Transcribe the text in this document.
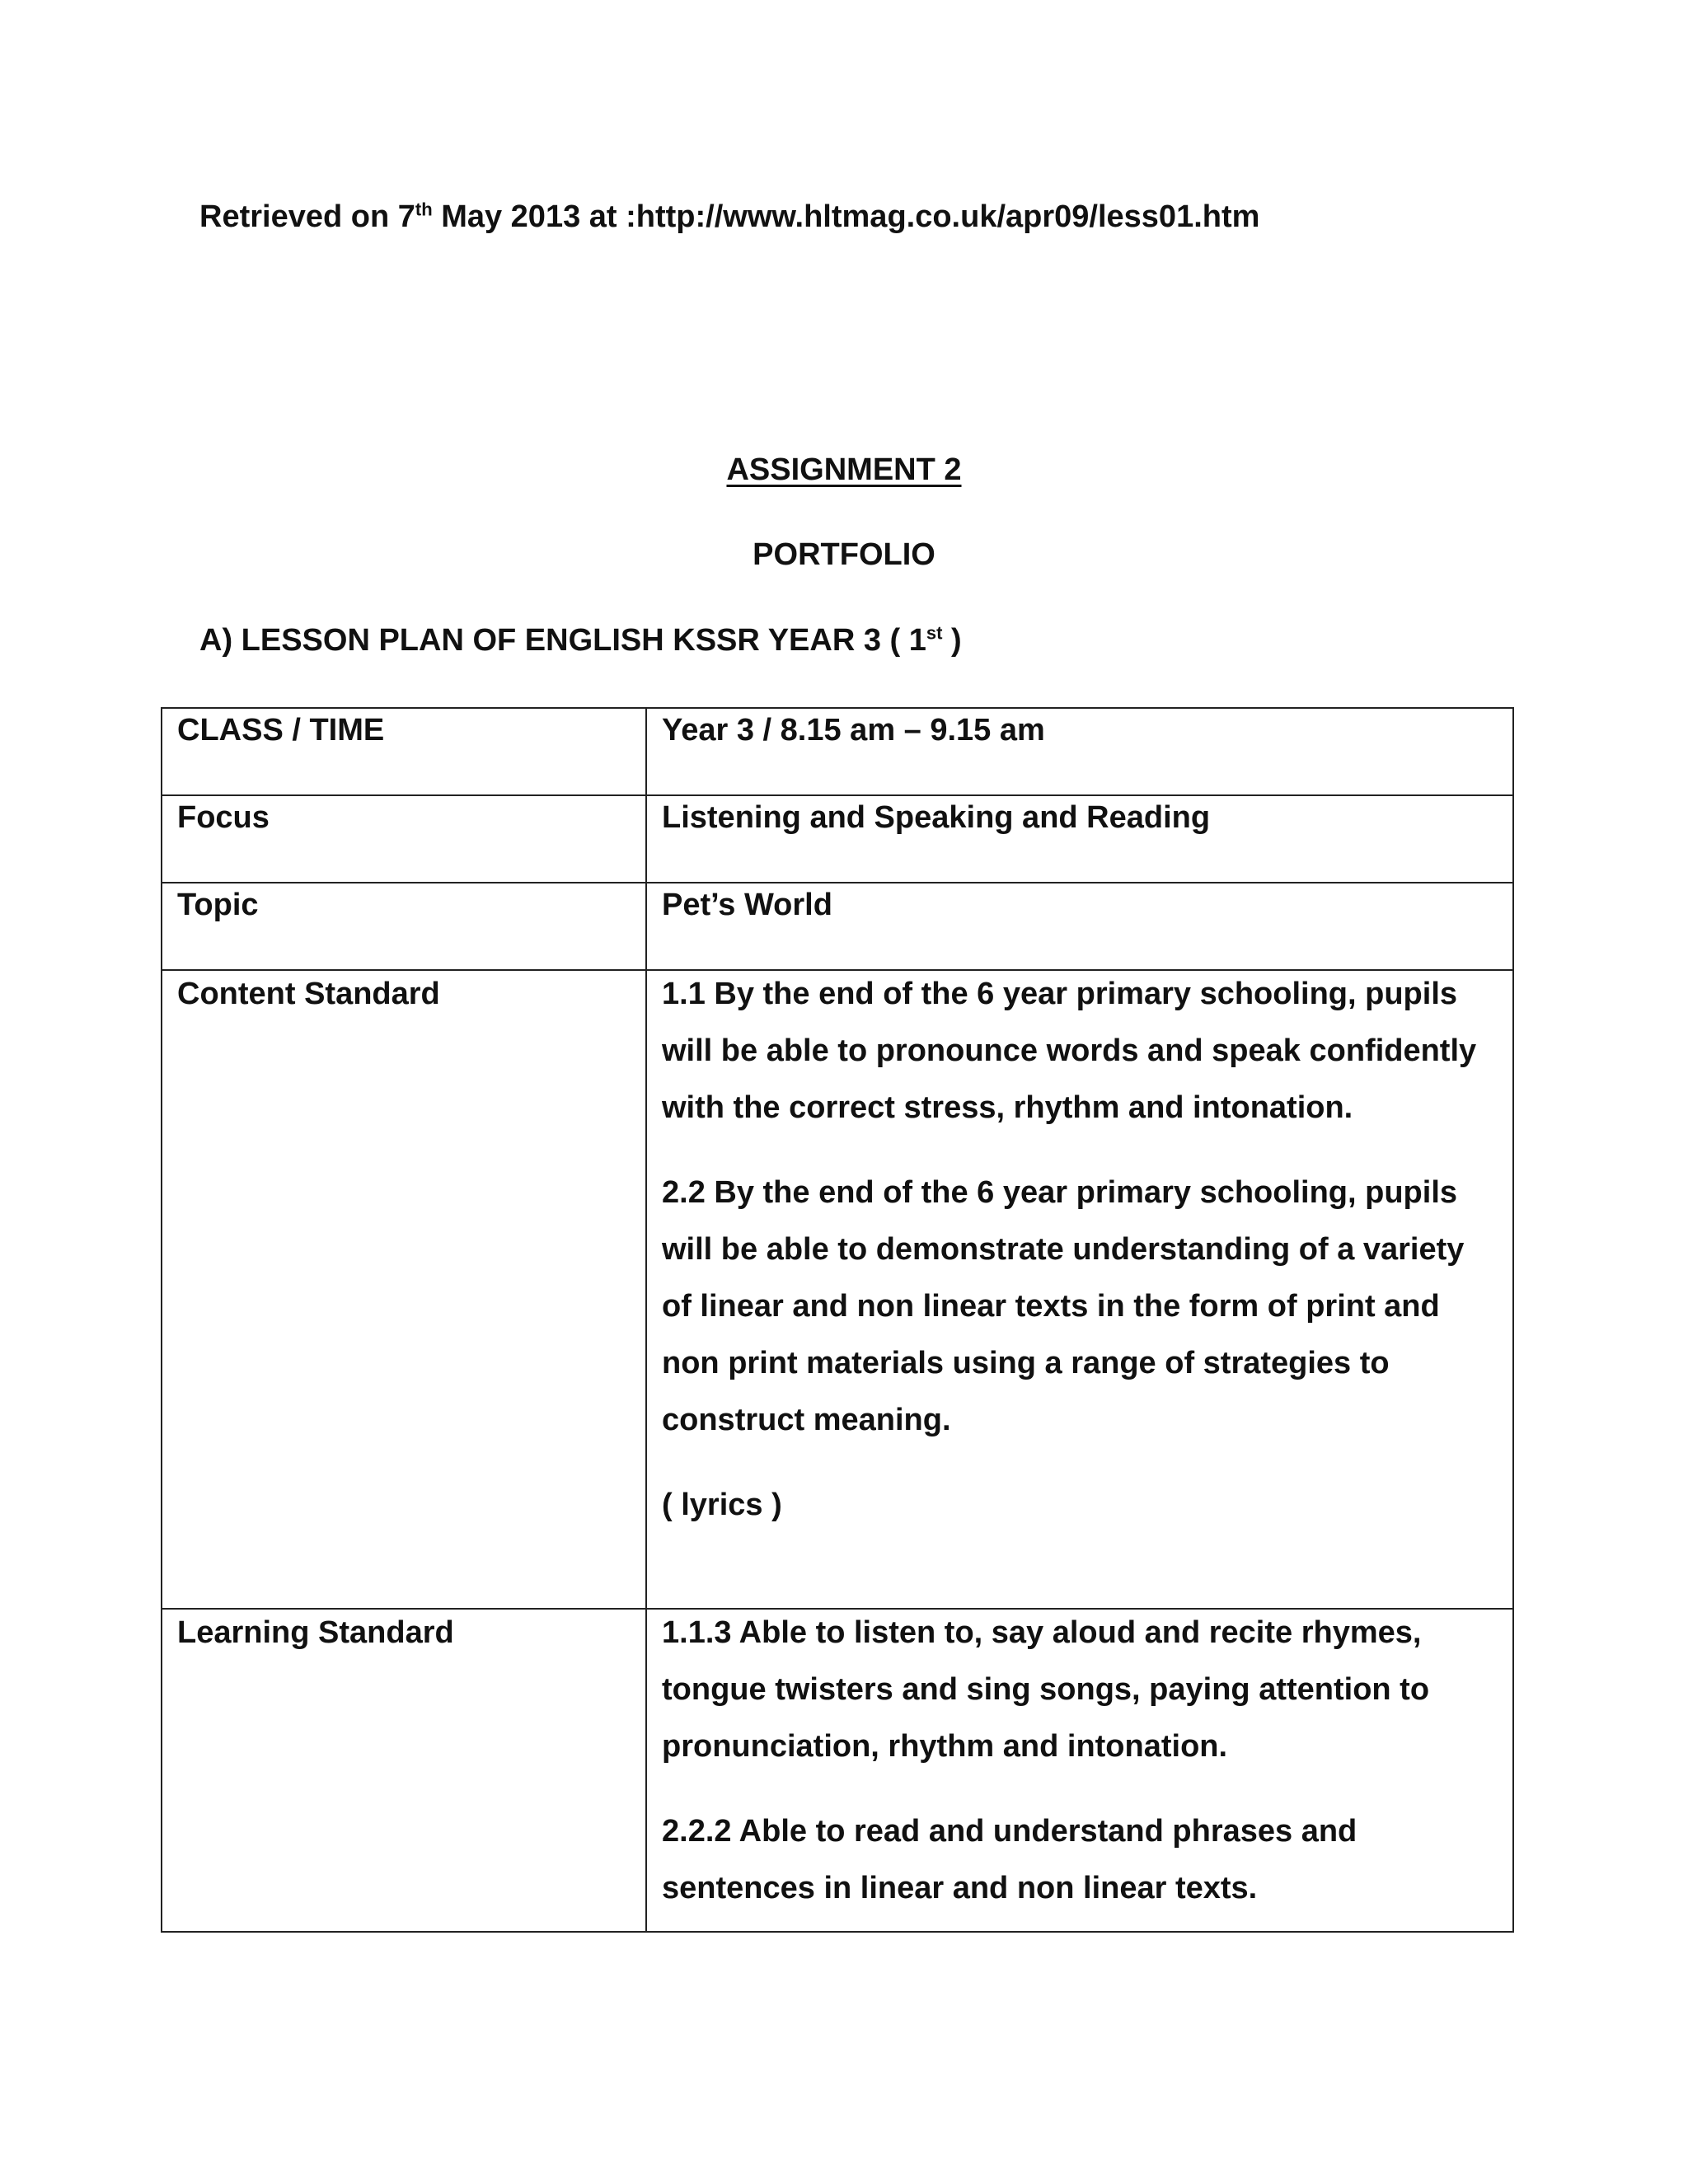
Retrieved on 7th May 2013 at :http://www.hltmag.co.uk/apr09/less01.htm
ASSIGNMENT 2
PORTFOLIO
A) LESSON PLAN OF ENGLISH KSSR YEAR 3 ( 1st )
CLASS / TIME	Year 3 / 8.15 am – 9.15 am

Focus	Listening and Speaking and Reading

Topic	Pet’s World

Content Standard	1.1 By the end of the 6 year primary schooling, pupils will be able to pronounce words and speak confidently with the correct stress, rhythm and intonation.

2.2 By the end of the 6 year primary schooling, pupils will be able to demonstrate understanding of a variety of linear and non linear texts in the form of print and non print materials using a range of strategies to construct meaning.

( lyrics )

Learning Standard	1.1.3 Able to listen to, say aloud and recite rhymes, tongue twisters and sing songs, paying attention to pronunciation, rhythm and intonation.

2.2.2 Able to read and understand phrases and sentences in linear and non linear texts.
